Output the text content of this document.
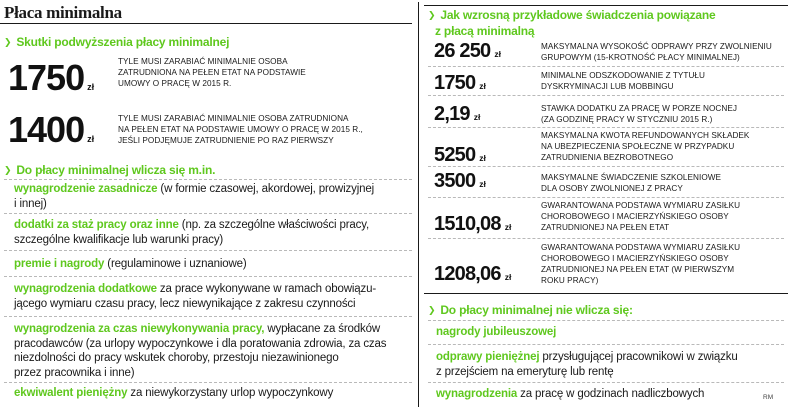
Płaca minimalna
❯ Skutki podwyższenia płacy minimalnej
1750 zł
TYLE MUSI ZARABIAĆ MINIMALNIE OSOBA
ZATRUDNIONA NA PEŁEN ETAT NA PODSTAWIE
UMOWY O PRACĘ W 2015 R.
1400 zł
TYLE MUSI ZARABIAĆ MINIMALNIE OSOBA ZATRUDNIONA
NA PEŁEN ETAT NA PODSTAWIE UMOWY O PRACĘ W 2015 R.,
JEŚLI PODJĘMUJE ZATRUDNIENIE PO RAZ PIERWSZY
❯ Do płacy minimalnej wlicza się m.in.
wynagrodzenie zasadnicze (w formie czasowej, akordowej, prowizyjnej
i innej)
dodatki za staż pracy oraz inne (np. za szczególne właściwości pracy,
szczególne kwalifikacje lub warunki pracy)
premie i nagrody (regulaminowe i uznaniowe)
wynagrodzenia dodatkowe za prace wykonywane w ramach obowiązu-
jącego wymiaru czasu pracy, lecz niewynikające z zakresu czynności
wynagrodzenia za czas niewykonywania pracy, wypłacane za środków
pracodawców (za urlopy wypoczynkowe i dla poratowania zdrowia, za czas
niezdolności do pracy wskutek choroby, przestoju niezawinionego
przez pracownika i inne)
ekwiwalent pieniężny za niewykorzystany urlop wypoczynkowy
❯ Jak wzrosną przykładowe świadczenia powiązane
z płacą minimalną
26 250 zł
MAKSYMALNA WYSOKOŚĆ ODPRAWY PRZY ZWOLNIENIU
GRUPOWYM (15-KROTNOŚĆ PŁACY MINIMALNEJ)
1750 zł
MINIMALNE ODSZKODOWANIE Z TYTUŁU
DYSKRYMINACJI LUB MOBBINGU
2,19 zł
STAWKA DODATKU ZA PRACĘ W PORZE NOCNEJ
(ZA GODZINĘ PRACY W STYCZNIU 2015 R.)
5250 zł
MAKSYMALNA KWOTA REFUNDOWANYCH SKŁADEK
NA UBEZPIECZENIA SPOŁECZNE W PRZYPADKU
ZATRUDNIENIA BEZROBOTNEGO
3500 zł
MAKSYMALNE ŚWIADCZENIE SZKOLENIOWE
DLA OSOBY ZWOLNIONEJ Z PRACY
1510,08 zł
GWARANTOWANA PODSTAWA WYMIARU ZASIŁKU
CHOROBOWEGO I MACIERZYŃSKIEGO OSOBY
ZATRUDNIONEJ NA PEŁEN ETAT
1208,06 zł
GWARANTOWANA PODSTAWA WYMIARU ZASIŁKU
CHOROBOWEGO I MACIERZYŃSKIEGO OSOBY
ZATRUDNIONEJ NA PEŁEN ETAT (W PIERWSZYM
ROKU PRACY)
❯ Do płacy minimalnej nie wlicza się:
nagrody jubileuszowej
odprawy pieniężnej przysługującej pracownikowi w związku
z przejściem na emeryturę lub rentę
wynagrodzenia za pracę w godzinach nadliczbowych	RM
